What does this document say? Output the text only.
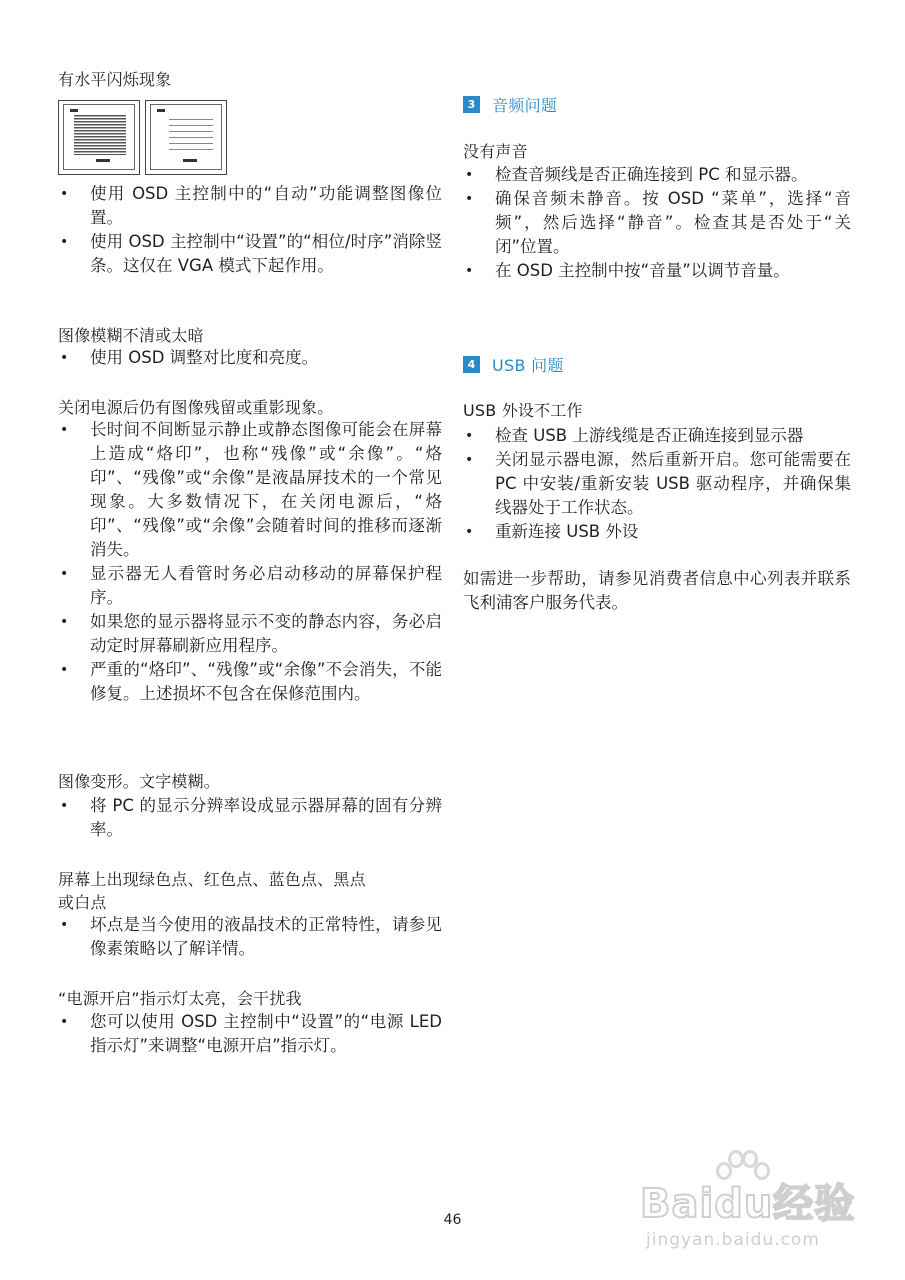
有水平闪烁现象
• 使用 OSD 主控制中的“自动”功能调整图像位置。
• 使用 OSD 主控制中“设置”的“相位/时序”消除竖条。这仅在 VGA 模式下起作用。
图像模糊不清或太暗
• 使用 OSD 调整对比度和亮度。
关闭电源后仍有图像残留或重影现象。
• 长时间不间断显示静止或静态图像可能会在屏幕上造成“烙印”，也称“残像”或“余像”。“烙印”、“残像”或“余像”是液晶屏技术的一个常见现象。大多数情况下，在关闭电源后，“烙印”、“残像”或“余像”会随着时间的推移而逐渐消失。
• 显示器无人看管时务必启动移动的屏幕保护程序。
• 如果您的显示器将显示不变的静态内容，务必启动定时屏幕刷新应用程序。
• 严重的“烙印”、“残像”或“余像”不会消失，不能修复。上述损坏不包含在保修范围内。
图像变形。文字模糊。
• 将 PC 的显示分辨率设成显示器屏幕的固有分辨率。
屏幕上出现绿色点、红色点、蓝色点、黑点
或白点
• 坏点是当今使用的液晶技术的正常特性，请参见像素策略以了解详情。
“电源开启”指示灯太亮，会干扰我
• 您可以使用 OSD 主控制中“设置”的“电源 LED 指示灯”来调整“电源开启”指示灯。
3 音频问题
没有声音
• 检查音频线是否正确连接到 PC 和显示器。
• 确保音频未静音。按 OSD “菜单”，选择“音频”，然后选择“静音”。检查其是否处于“关闭”位置。
• 在 OSD 主控制中按“音量”以调节音量。
4 USB 问题
USB 外设不工作
• 检查 USB 上游线缆是否正确连接到显示器
• 关闭显示器电源，然后重新开启。您可能需要在 PC 中安装/重新安装 USB 驱动程序，并确保集线器处于工作状态。
• 重新连接 USB 外设
如需进一步帮助，请参见消费者信息中心列表并联系飞利浦客户服务代表。
46	Baidu经验
jingyan.baidu.com
